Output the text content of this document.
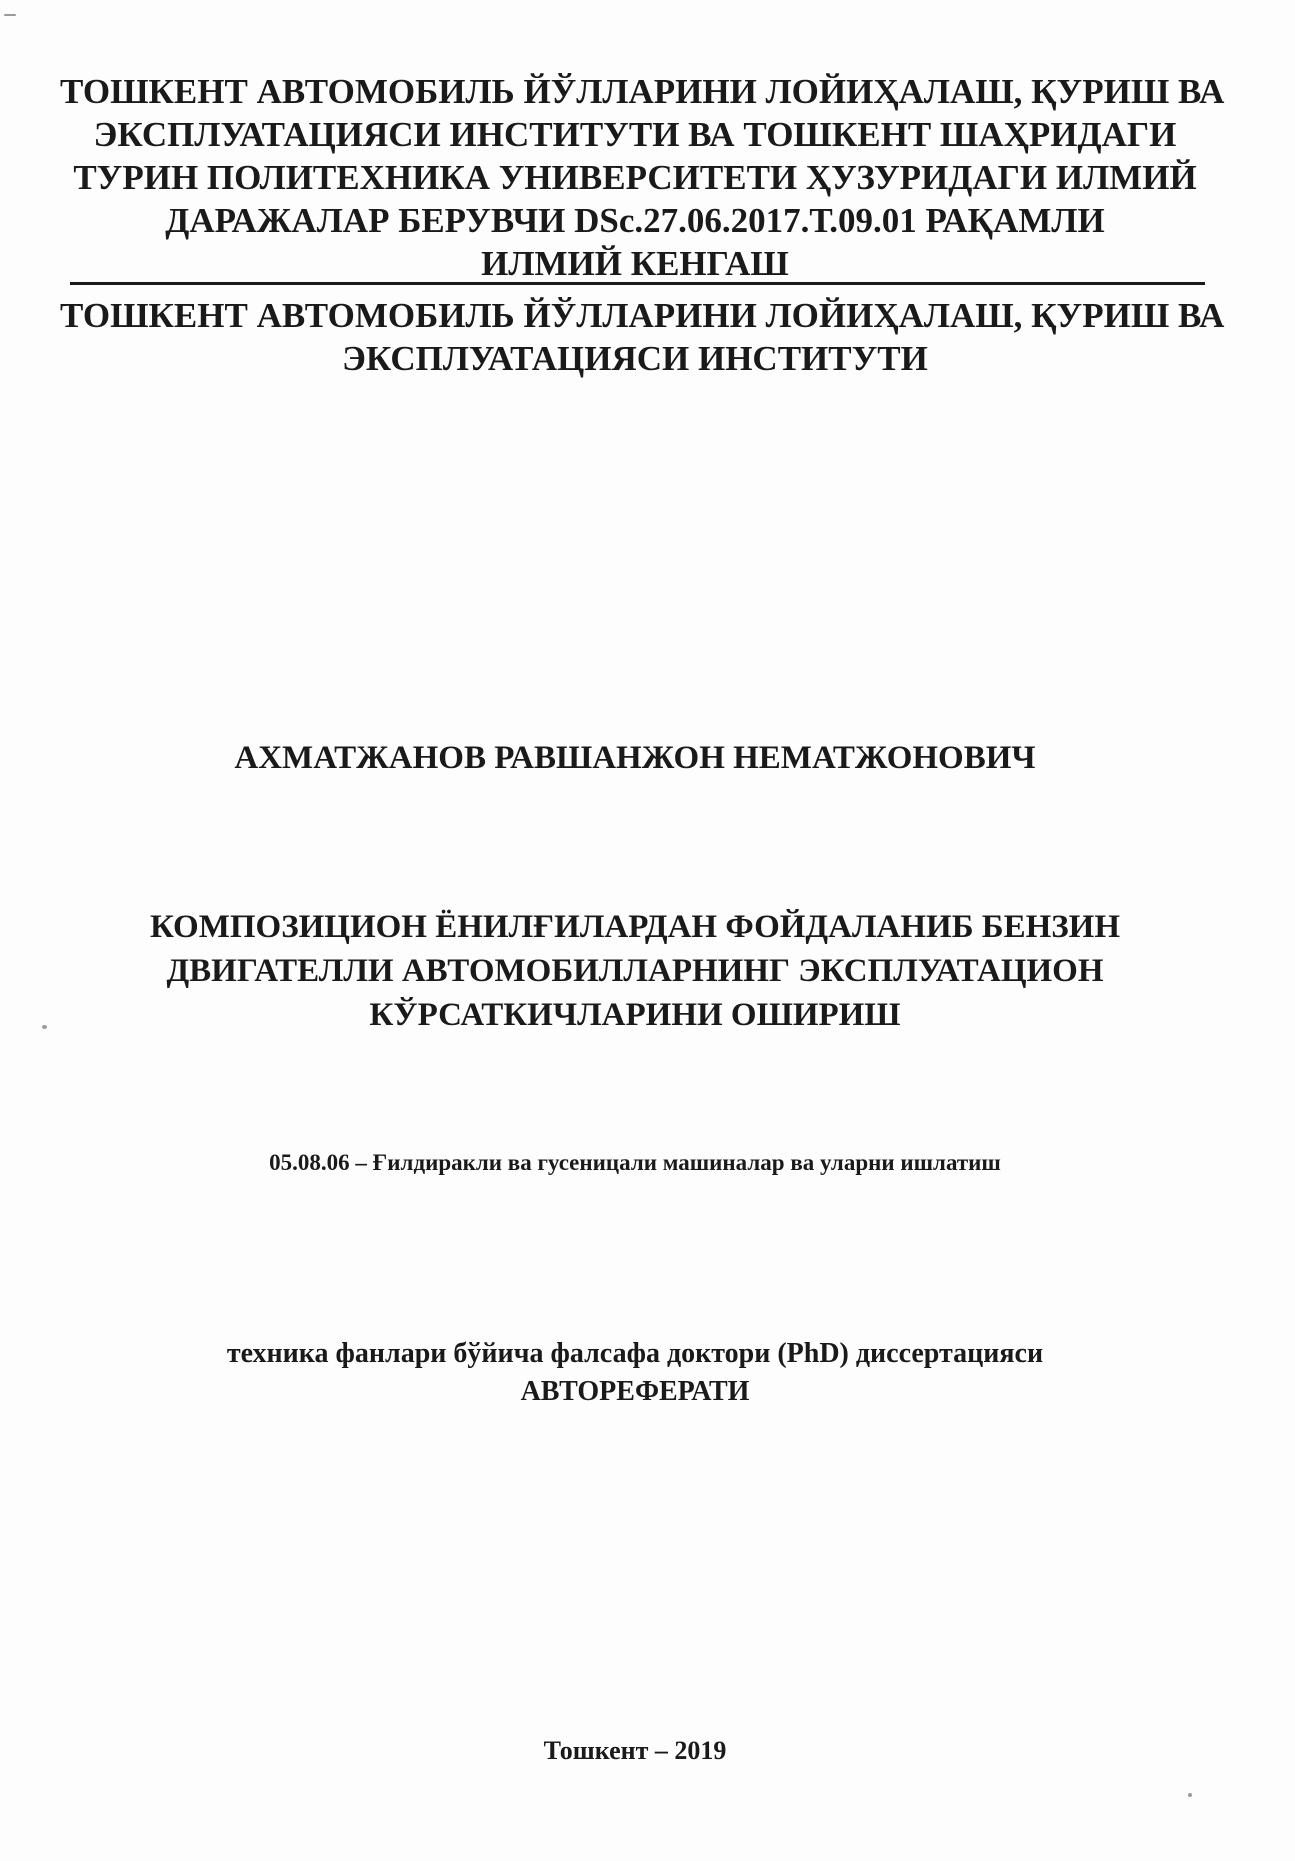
ТОШКЕНТ АВТОМОБИЛЬ ЙЎЛЛАРИНИ ЛОЙИҲАЛАШ, ҚУРИШ ВА
ЭКСПЛУАТАЦИЯСИ ИНСТИТУТИ ВА ТОШКЕНТ ШАҲРИДАГИ
ТУРИН ПОЛИТЕХНИКА УНИВЕРСИТЕТИ ҲУЗУРИДАГИ ИЛМИЙ
ДАРАЖАЛАР БЕРУВЧИ DSc.27.06.2017.Т.09.01 РАҚАМЛИ
ИЛМИЙ КЕНГАШ
ТОШКЕНТ АВТОМОБИЛЬ ЙЎЛЛАРИНИ ЛОЙИҲАЛАШ, ҚУРИШ ВА
ЭКСПЛУАТАЦИЯСИ ИНСТИТУТИ
АХМАТЖАНОВ РАВШАНЖОН НЕМАТЖОНОВИЧ
КОМПОЗИЦИОН ЁНИЛҒИЛАРДАН ФОЙДАЛАНИБ БЕНЗИН
ДВИГАТЕЛЛИ АВТОМОБИЛЛАРНИНГ ЭКСПЛУАТАЦИОН
КЎРСАТКИЧЛАРИНИ ОШИРИШ
05.08.06 – Ғилдиракли ва гусеницали машиналар ва уларни ишлатиш
техника фанлари бўйича фалсафа доктори (PhD) диссертацияси
АВТОРЕФЕРАТИ
Тошкент – 2019
